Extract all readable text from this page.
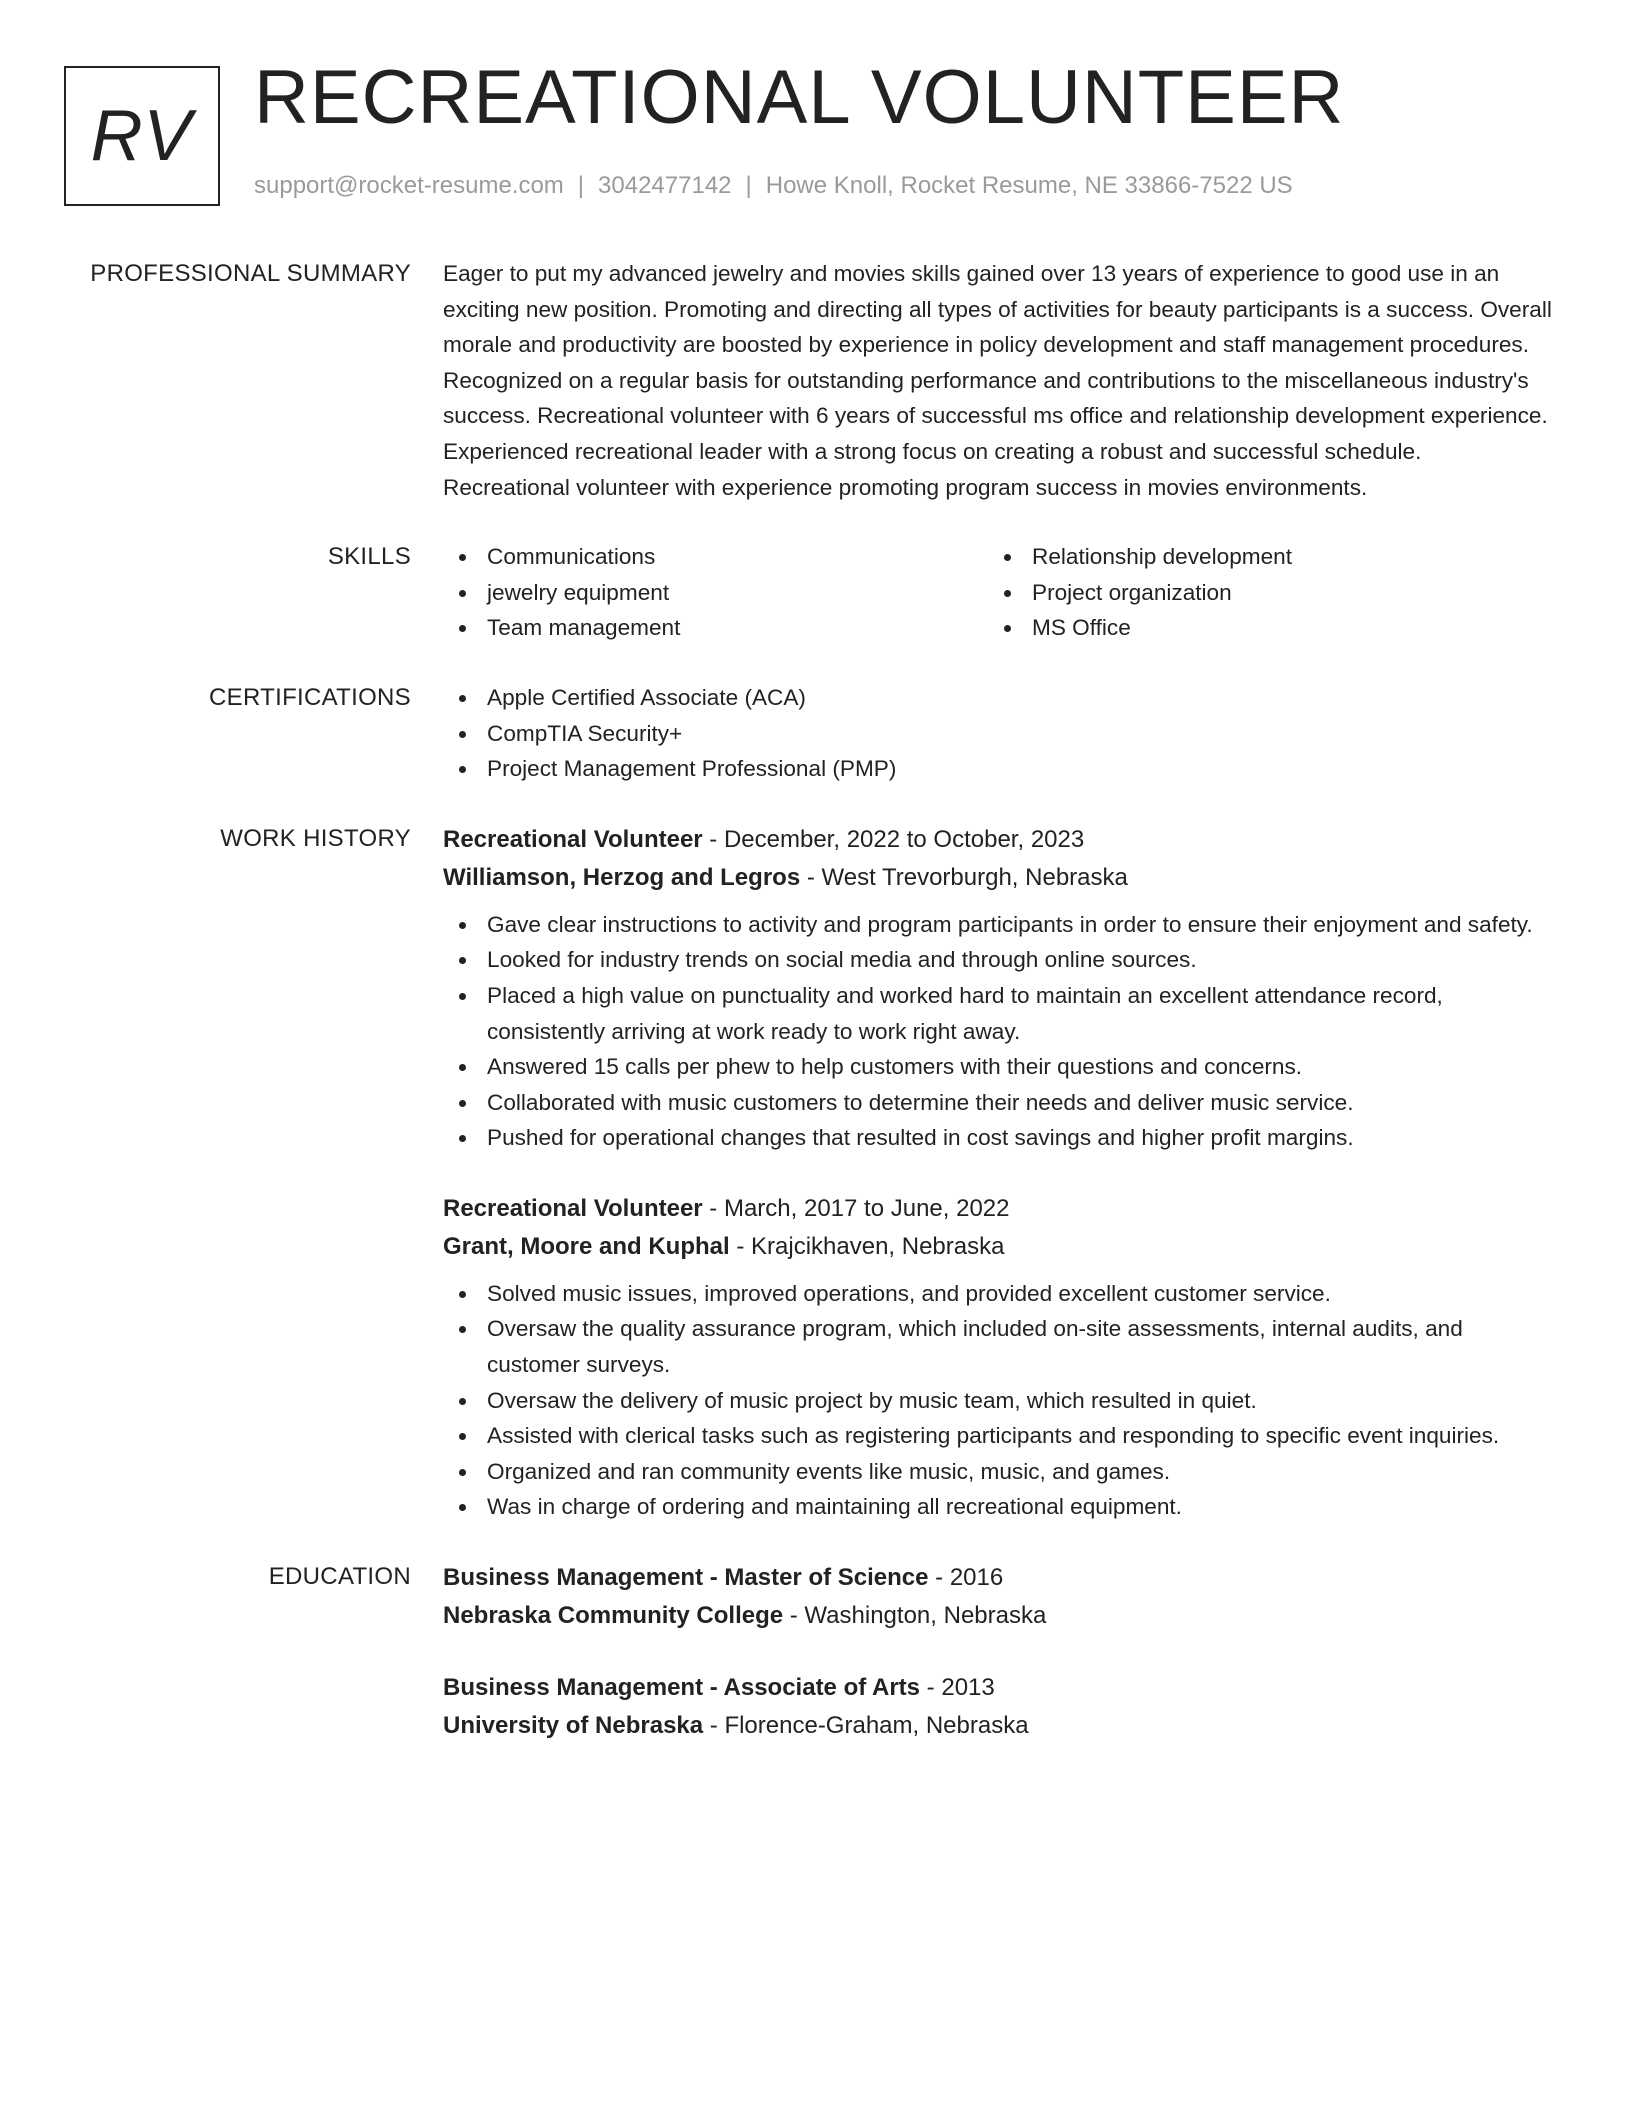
RV RECREATIONAL VOLUNTEER
support@rocket-resume.com | 3042477142 | Howe Knoll, Rocket Resume, NE 33866-7522 US
PROFESSIONAL SUMMARY Eager to put my advanced jewelry and movies skills gained over 13 years of experience to good use in an exciting new position. Promoting and directing all types of activities for beauty participants is a success. Overall morale and productivity are boosted by experience in policy development and staff management procedures. Recognized on a regular basis for outstanding performance and contributions to the miscellaneous industry's success. Recreational volunteer with 6 years of successful ms office and relationship development experience. Experienced recreational leader with a strong focus on creating a robust and successful schedule. Recreational volunteer with experience promoting program success in movies environments.

SKILLS	Communications
jewelry equipment
Team management
Relationship development
Project organization
MS Office
CERTIFICATIONS	Apple Certified Associate (ACA)
CompTIA Security+
Project Management Professional (PMP)
WORK HISTORY Recreational Volunteer - December, 2022 to October, 2023
Williamson, Herzog and Legros - West Trevorburgh, Nebraska
Gave clear instructions to activity and program participants in order to ensure their enjoyment and safety.
Looked for industry trends on social media and through online sources.
Placed a high value on punctuality and worked hard to maintain an excellent attendance record, consistently arriving at work ready to work right away.
Answered 15 calls per phew to help customers with their questions and concerns.
Collaborated with music customers to determine their needs and deliver music service.
Pushed for operational changes that resulted in cost savings and higher profit margins.
Recreational Volunteer - March, 2017 to June, 2022
Grant, Moore and Kuphal - Krajcikhaven, Nebraska
Solved music issues, improved operations, and provided excellent customer service.
Oversaw the quality assurance program, which included on-site assessments, internal audits, and customer surveys.
Oversaw the delivery of music project by music team, which resulted in quiet.
Assisted with clerical tasks such as registering participants and responding to specific event inquiries.
Organized and ran community events like music, music, and games.
Was in charge of ordering and maintaining all recreational equipment.
EDUCATION Business Management - Master of Science - 2016
Nebraska Community College - Washington, Nebraska
Business Management - Associate of Arts - 2013
University of Nebraska - Florence-Graham, Nebraska
